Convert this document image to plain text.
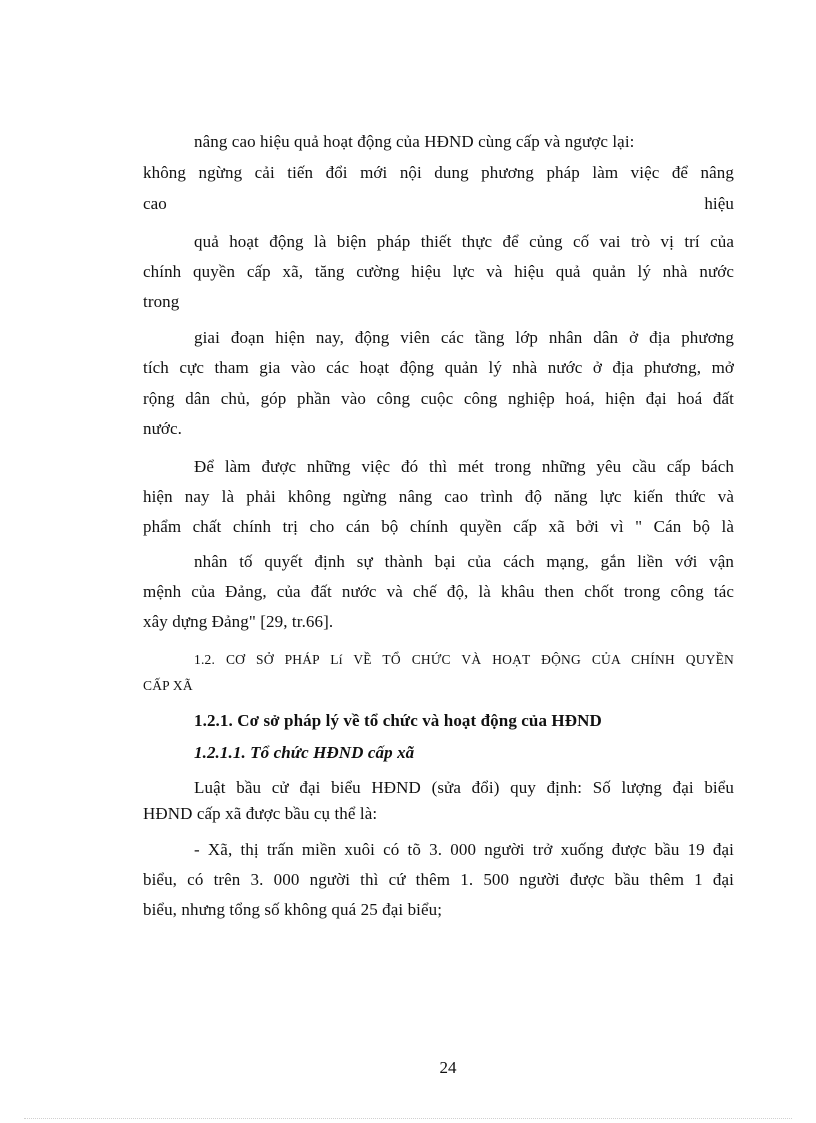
nâng cao hiệu quả hoạt động của HĐND cùng cấp và ngược lại:
không ngừng cải tiến đổi mới nội dung phương pháp làm việc để nâng
cao	hiệu
quả hoạt động là biện pháp thiết thực để củng cố vai trò vị trí của
chính quyền cấp xã, tăng cường hiệu lực và hiệu quả quản lý nhà nước
trong
giai đoạn hiện nay, động viên các tầng lớp nhân dân ở địa phương
tích cực tham gia vào các hoạt động quản lý nhà nước ở địa phương, mở
rộng dân chủ, góp phần vào công cuộc công nghiệp hoá, hiện đại hoá đất
nước.
Để làm được những việc đó thì mét trong những yêu cầu cấp bách
hiện nay là phải không ngừng nâng cao trình độ năng lực kiến thức và
phẩm chất chính trị cho cán bộ chính quyền cấp xã bởi vì " Cán bộ là
nhân tố quyết định sự thành bại của cách mạng, gắn liền với vận
mệnh của Đảng, của đất nước và chế độ, là khâu then chốt trong công tác
xây dựng Đảng" [29, tr.66].
1.2. CƠ SỞ PHÁP Lí VỀ TỔ CHỨC VÀ HOẠT ĐỘNG CỦA CHÍNH QUYỀN
CẤP XÃ
1.2.1. Cơ sở pháp lý về tổ chức và hoạt động của HĐND
1.2.1.1. Tổ chức HĐND cấp xã
Luật bầu cử đại biểu HĐND (sửa đổi) quy định: Số lượng đại biểu
HĐND cấp xã được bầu cụ thể là:
- Xã, thị trấn miền xuôi có tõ 3. 000 người trở xuống được bầu 19 đại
biểu, có trên 3. 000 người thì cứ thêm 1. 500 người được bầu thêm 1 đại
biểu, nhưng tổng số không quá 25 đại biểu;
24
